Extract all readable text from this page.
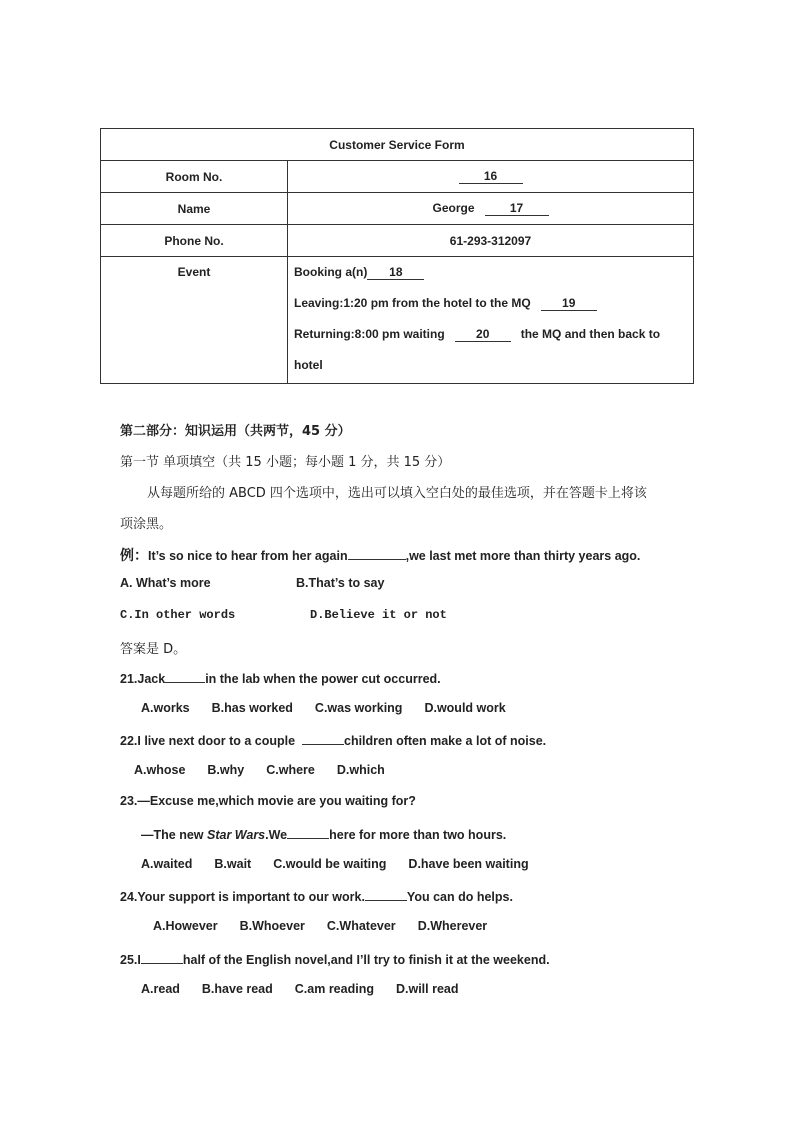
Customer Service Form	
Room No.	16
Name	George 17
Phone No.	61-293-312097
Event	Booking a(n) 18
Leaving:1:20 pm from the hotel to the MQ 19
Returning:8:00 pm waiting 20 the MQ and then back to
hotel
第二部分：知识运用（共两节，45 分）
第一节 单项填空（共 15 小题；每小题 1 分，共 15 分）
从每题所给的 ABCD 四个选项中，选出可以填入空白处的最佳选项，并在答题卡上将该
项涂黑。
例：It’s so nice to hear from her again	,we last met more than thirty years ago.
A. What’s more	B.That’s to say
C.In other words	D.Believe it or not
答案是 D。
21.Jack	in the lab when the power cut occurred.
A.works B.has worked C.was working D.would work
22.I live next door to a couple	children often make a lot of noise.
A.whose B.why C.where D.which
23.—Excuse me,which movie are you waiting for?
—The new Star Wars.We	here for more than two hours.
A.waited B.wait C.would be waiting D.have been waiting
24.Your support is important to our work.	You can do helps.
A.However B.Whoever C.Whatever D.Wherever
25.I	half of the English novel,and I’ll try to finish it at the weekend.
A.read B.have read C.am reading D.will read
